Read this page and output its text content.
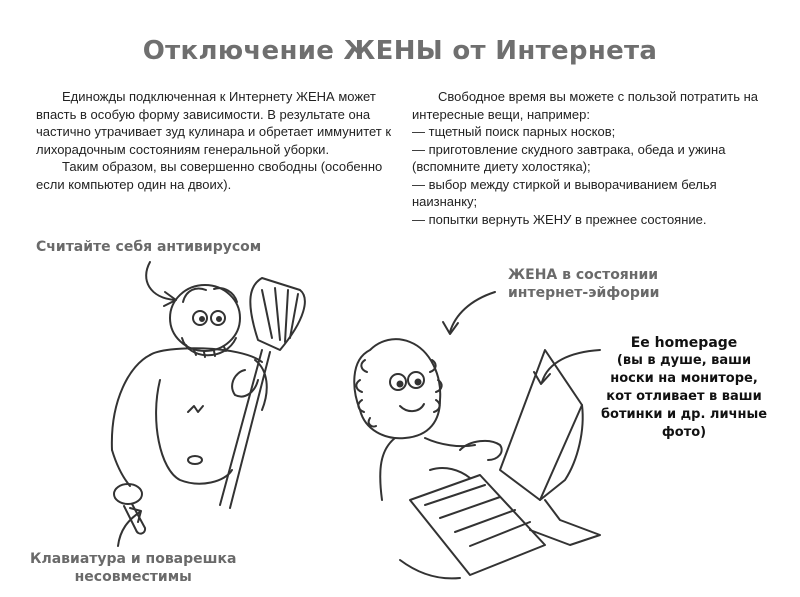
Отключение ЖЕНЫ от Интернета

Единожды подключенная к Интернету ЖЕНА может впасть в особую форму зависимости. В результате она частично утрачивает зуд кулинара и обретает иммунитет к лихорадочным состояниям генеральной уборки.

Таким образом, вы совершенно свободны (особенно если компьютер один на двоих).

Свободное время вы можете с пользой потратить на интересные вещи, например:

— тщетный поиск парных носков;

— приготовление скудного завтрака, обеда и ужина (вспомните диету холостяка);

— выбор между стиркой и выворачиванием белья наизнанку;

— попытки вернуть ЖЕНУ в прежнее состояние.

Считайте себя антивирусом
ЖЕНА в состоянии
интернет-эйфории
Клавиатура и поварешка
несовместимы
Ее homepage
(вы в душе, ваши
носки на мониторе,
кот отливает в ваши
ботинки и др. личные
фото)
